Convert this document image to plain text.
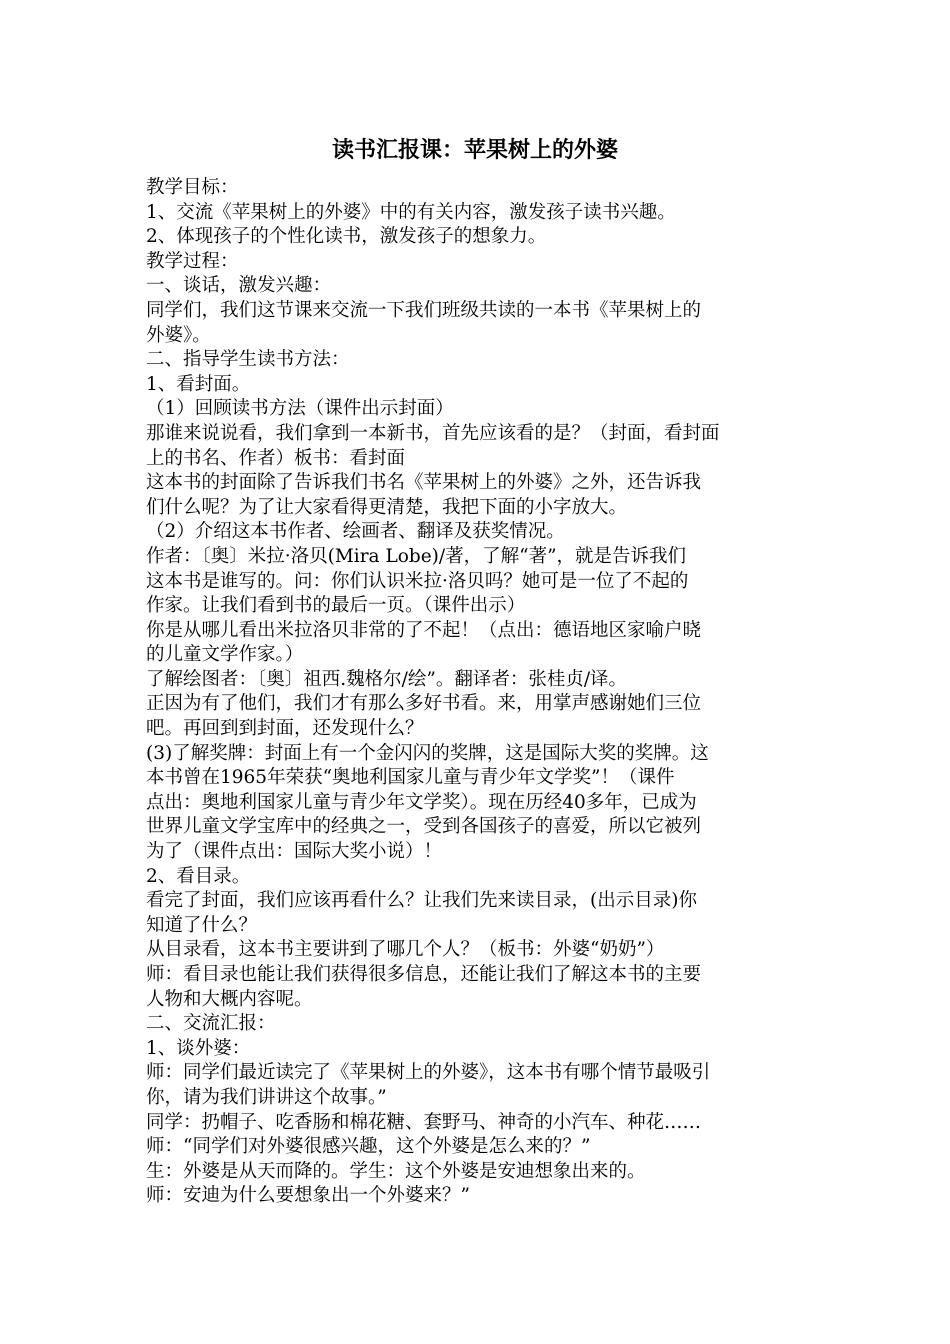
读书汇报课：苹果树上的外婆
教学目标：
1、交流《苹果树上的外婆》中的有关内容，激发孩子读书兴趣。
2、体现孩子的个性化读书，激发孩子的想象力。
教学过程：
一、谈话，激发兴趣：
同学们，我们这节课来交流一下我们班级共读的一本书《苹果树上的
外婆》。
二、指导学生读书方法：
1、看封面。
（1）回顾读书方法（课件出示封面）
那谁来说说看，我们拿到一本新书，首先应该看的是？（封面，看封面
上的书名、作者）板书：看封面
这本书的封面除了告诉我们书名《苹果树上的外婆》之外，还告诉我
们什么呢？为了让大家看得更清楚，我把下面的小字放大。
（2）介绍这本书作者、绘画者、翻译及获奖情况。
作者：〔奥〕米拉·洛贝(Mira Lobe)/著，了解“著”，就是告诉我们
这本书是谁写的。问：你们认识米拉·洛贝吗？她可是一位了不起的
作家。让我们看到书的最后一页。（课件出示）
你是从哪儿看出米拉洛贝非常的了不起！（点出：德语地区家喻户晓
的儿童文学作家。）
了解绘图者：〔奥〕祖西.魏格尔/绘”。翻译者：张桂贞/译。
正因为有了他们，我们才有那么多好书看。来，用掌声感谢她们三位
吧。再回到到封面，还发现什么？
(3)了解奖牌：封面上有一个金闪闪的奖牌，这是国际大奖的奖牌。这
本书曾在1965年荣获“奥地利国家儿童与青少年文学奖”！（课件
点出：奥地利国家儿童与青少年文学奖）。现在历经40多年，已成为
世界儿童文学宝库中的经典之一，受到各国孩子的喜爱，所以它被列
为了（课件点出：国际大奖小说）！
2、看目录。
看完了封面，我们应该再看什么？让我们先来读目录，(出示目录)你
知道了什么？
从目录看，这本书主要讲到了哪几个人？（板书：外婆“奶奶”）
师：看目录也能让我们获得很多信息，还能让我们了解这本书的主要
人物和大概内容呢。
二、交流汇报：
1、谈外婆：
师：同学们最近读完了《苹果树上的外婆》，这本书有哪个情节最吸引
你，请为我们讲讲这个故事。”
同学：扔帽子、吃香肠和棉花糖、套野马、神奇的小汽车、种花……
师：“同学们对外婆很感兴趣，这个外婆是怎么来的？”
生：外婆是从天而降的。学生：这个外婆是安迪想象出来的。
师：安迪为什么要想象出一个外婆来？”
